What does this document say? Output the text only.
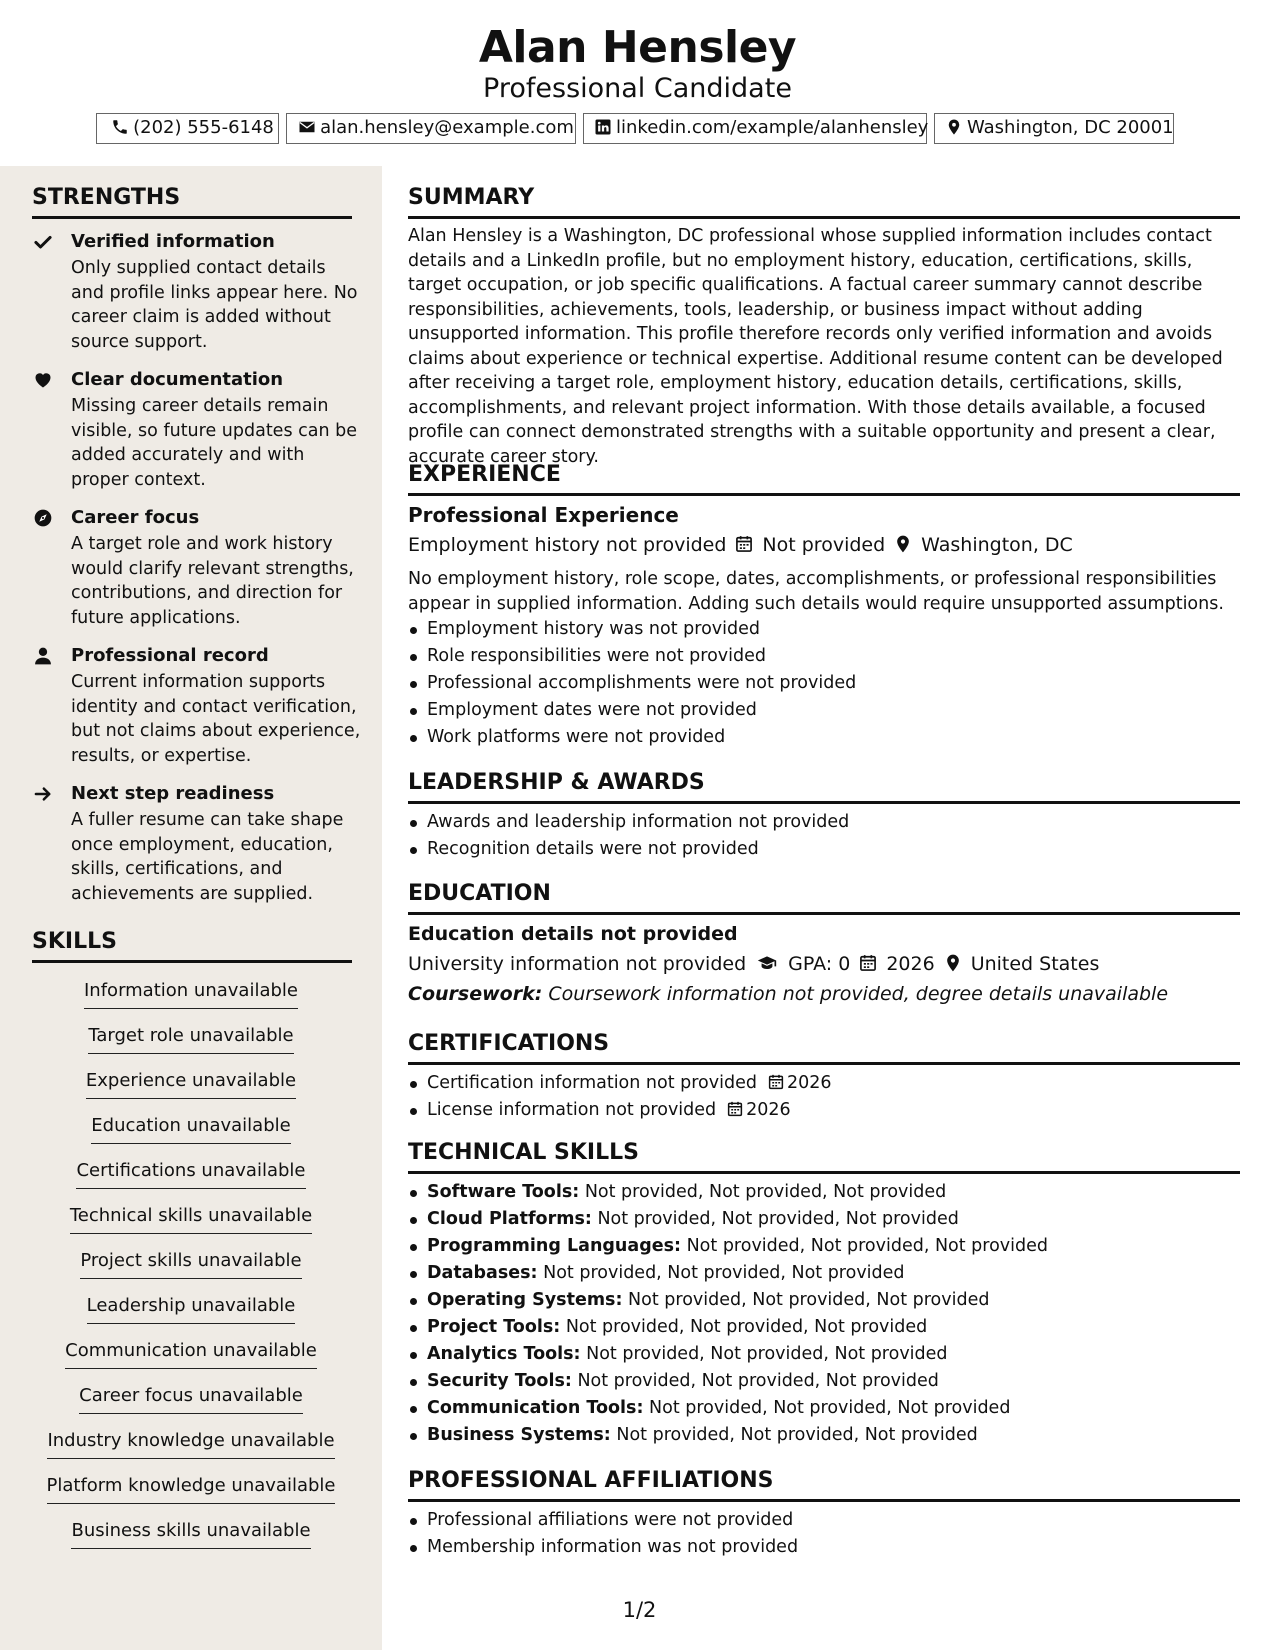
Alan Hensley
Professional Candidate
(202) 555-6148	alan.hensley@example.com	linkedin.com/example/alanhensley	Washington, DC 20001
STRENGTHS
Verified information
Only supplied contact details and profile links appear here. No career claim is added without source support.
Clear documentation
Missing career details remain visible, so future updates can be added accurately and with proper context.
Career focus
A target role and work history would clarify relevant strengths, contributions, and direction for future applications.
Professional record
Current information supports identity and contact verification, but not claims about experience, results, or expertise.
Next step readiness
A fuller resume can take shape once employment, education, skills, certifications, and achievements are supplied.
SKILLS
Information unavailable
Target role unavailable
Experience unavailable
Education unavailable
Certifications unavailable
Technical skills unavailable
Project skills unavailable
Leadership unavailable
Communication unavailable
Career focus unavailable
Industry knowledge unavailable
Platform knowledge unavailable
Business skills unavailable
SUMMARY
Alan Hensley is a Washington, DC professional whose supplied information includes contact details and a LinkedIn profile, but no employment history, education, certifications, skills, target occupation, or job specific qualifications. A factual career summary cannot describe responsibilities, achievements, tools, leadership, or business impact without adding unsupported information. This profile therefore records only verified information and avoids claims about experience or technical expertise. Additional resume content can be developed after receiving a target role, employment history, education details, certifications, skills, accomplishments, and relevant project information. With those details available, a focused profile can connect demonstrated strengths with a suitable opportunity and present a clear, accurate career story.
EXPERIENCE
Professional Experience
Employment history not provided Not provided Washington, DC
No employment history, role scope, dates, accomplishments, or professional responsibilities appear in supplied information. Adding such details would require unsupported assumptions.
Employment history was not provided
Role responsibilities were not provided
Professional accomplishments were not provided
Employment dates were not provided
Work platforms were not provided
LEADERSHIP & AWARDS
Awards and leadership information not provided
Recognition details were not provided
EDUCATION
Education details not provided
University information not provided GPA: 0 2026 United States
Coursework: Coursework information not provided, degree details unavailable
CERTIFICATIONS
Certification information not provided 2026
License information not provided 2026
TECHNICAL SKILLS
Software Tools: Not provided, Not provided, Not provided
Cloud Platforms: Not provided, Not provided, Not provided
Programming Languages: Not provided, Not provided, Not provided
Databases: Not provided, Not provided, Not provided
Operating Systems: Not provided, Not provided, Not provided
Project Tools: Not provided, Not provided, Not provided
Analytics Tools: Not provided, Not provided, Not provided
Security Tools: Not provided, Not provided, Not provided
Communication Tools: Not provided, Not provided, Not provided
Business Systems: Not provided, Not provided, Not provided
PROFESSIONAL AFFILIATIONS
Professional affiliations were not provided
Membership information was not provided
1/2
